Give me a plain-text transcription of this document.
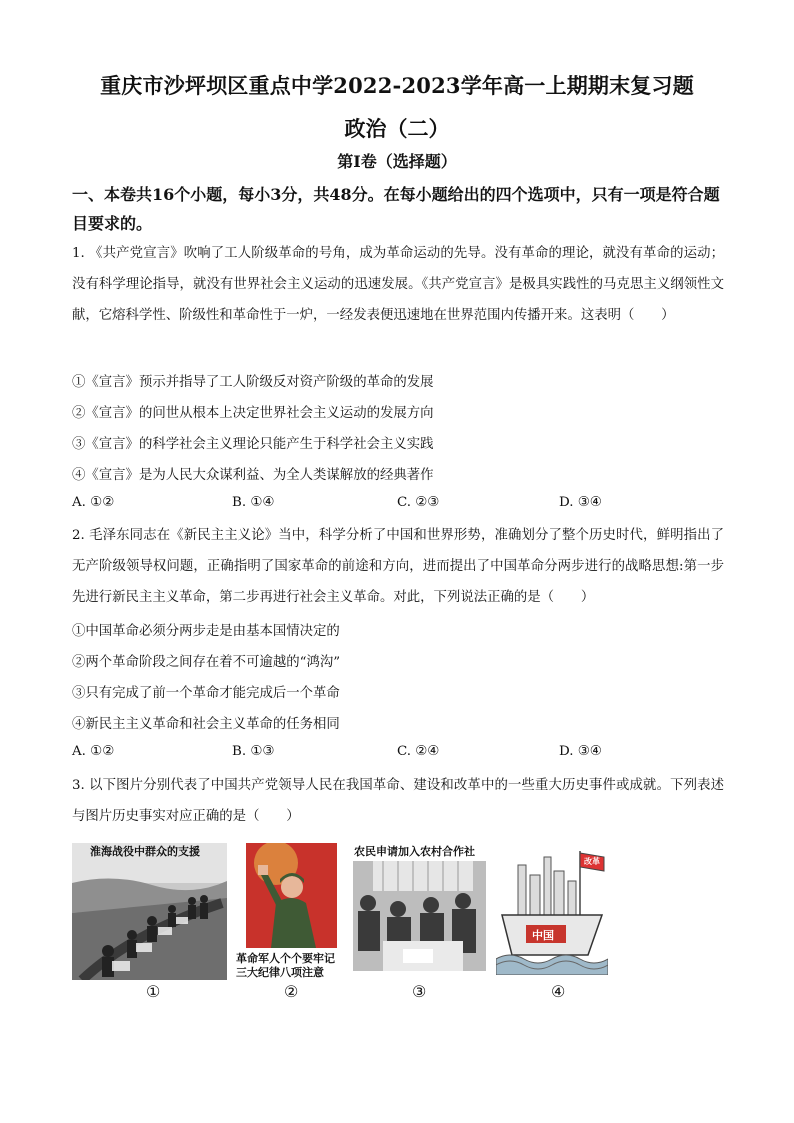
重庆市沙坪坝区重点中学2022-2023学年高一上期期末复习题
政治（二）
第Ⅰ卷（选择题）
一、本卷共16个小题，每小3分，共48分。在每小题给出的四个选项中，只有一项是符合题目要求的。
1. 《共产党宣言》吹响了工人阶级革命的号角，成为革命运动的先导。没有革命的理论，就没有革命的运动；没有科学理论指导，就没有世界社会主义运动的迅速发展。《共产党宣言》是极具实践性的马克思主义纲领性文献，它熔科学性、阶级性和革命性于一炉，一经发表便迅速地在世界范围内传播开来。这表明（　　）
①《宣言》预示并指导了工人阶级反对资产阶级的革命的发展
②《宣言》的问世从根本上决定世界社会主义运动的发展方向
③《宣言》的科学社会主义理论只能产生于科学社会主义实践
④《宣言》是为人民大众谋利益、为全人类谋解放的经典著作
A. ①②	B. ①④	C. ②③	D. ③④
2. 毛泽东同志在《新民主主义论》当中，科学分析了中国和世界形势，准确划分了整个历史时代，鲜明指出了无产阶级领导权问题，正确指明了国家革命的前途和方向，进而提出了中国革命分两步进行的战略思想:第一步先进行新民主主义革命，第二步再进行社会主义革命。对此，下列说法正确的是（　　）
①中国革命必须分两步走是由基本国情决定的
②两个革命阶段之间存在着不可逾越的“鸿沟”
③只有完成了前一个革命才能完成后一个革命
④新民主主义革命和社会主义革命的任务相同
A. ①②	B. ①③	C. ②④	D. ③④
3. 以下图片分别代表了中国共产党领导人民在我国革命、建设和改革中的一些重大历史事件或成就。下列表述与图片历史事实对应正确的是（　　）
淮海战役中群众的支援
①
革命军人个个要牢记
三大纪律八项注意
②
农民申请加入农村合作社
③
中国
改革
④
